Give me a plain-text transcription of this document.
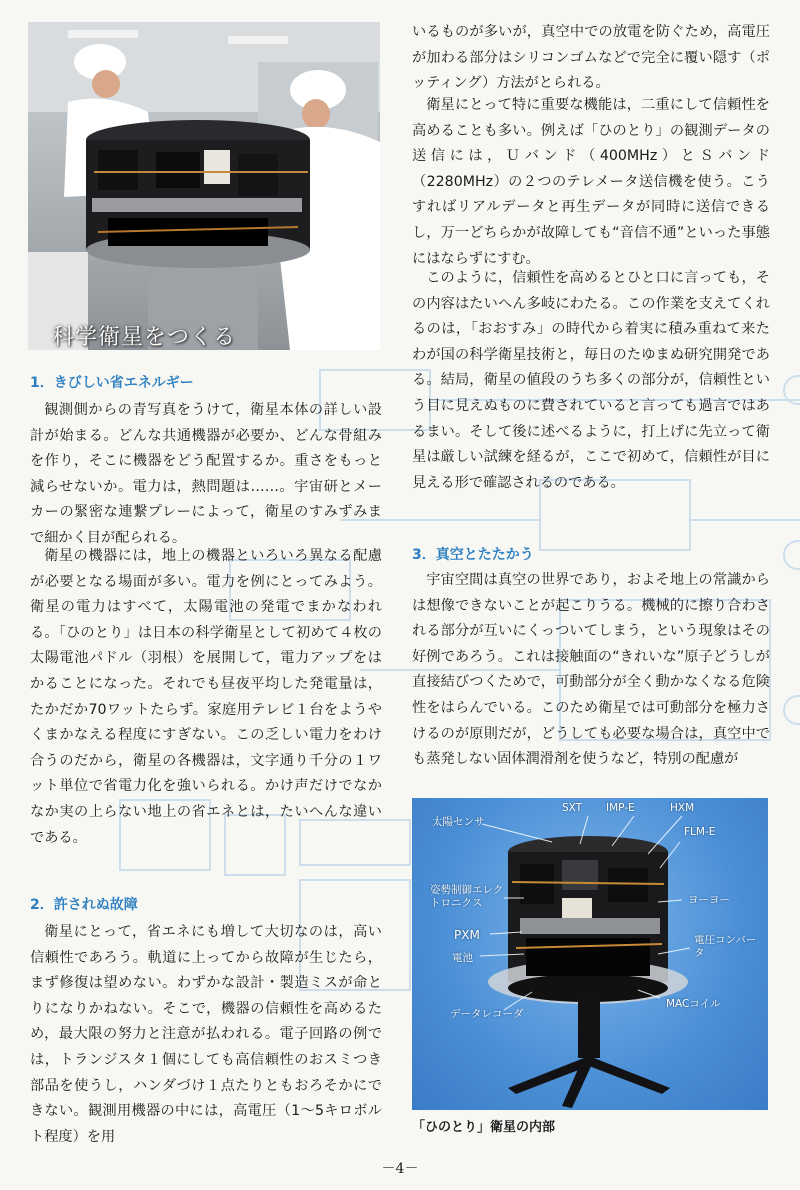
科学衛星をつくる
1．きびしい省エネルギー
観測側からの青写真をうけて，衛星本体の詳しい設計が始まる。どんな共通機器が必要か、どんな骨組みを作り，そこに機器をどう配置するか。重さをもっと減らせないか。電力は，熱問題は……。宇宙研とメーカーの緊密な連繋プレーによって，衛星のすみずみまで細かく目が配られる。
衛星の機器には，地上の機器といろいろ異なる配慮が必要となる場面が多い。電力を例にとってみよう。衛星の電力はすべて，太陽電池の発電でまかなわれる。「ひのとり」は日本の科学衛星として初めて４枚の太陽電池パドル（羽根）を展開して，電力アップをはかることになった。それでも昼夜平均した発電量は，たかだか70ワットたらず。家庭用テレビ１台をようやくまかなえる程度にすぎない。この乏しい電力をわけ合うのだから，衛星の各機器は，文字通り千分の１ワット単位で省電力化を強いられる。かけ声だけでなかなか実の上らない地上の省エネとは，たいへんな違いである。
2．許されぬ故障
衛星にとって，省エネにも増して大切なのは，高い信頼性であろう。軌道に上ってから故障が生じたら，まず修復は望めない。わずかな設計・製造ミスが命とりになりかねない。そこで，機器の信頼性を高めるため，最大限の努力と注意が払われる。電子回路の例では，トランジスタ１個にしても高信頼性のおスミつき部品を使うし，ハンダづけ１点たりともおろそかにできない。観測用機器の中には，高電圧（1～5キロボルト程度）を用
いるものが多いが，真空中での放電を防ぐため，高電圧が加わる部分はシリコンゴムなどで完全に覆い隠す（ポッティング）方法がとられる。
衛星にとって特に重要な機能は，二重にして信頼性を高めることも多い。例えば「ひのとり」の観測データの送信には，Ｕバンド（400MHz）とＳバンド（2280MHz）の２つのテレメータ送信機を使う。こうすればリアルデータと再生データが同時に送信できるし，万一どちらかが故障しても“音信不通”といった事態にはならずにすむ。
このように，信頼性を高めるとひと口に言っても，その内容はたいへん多岐にわたる。この作業を支えてくれるのは，「おおすみ」の時代から着実に積み重ねて来たわが国の科学衛星技術と，毎日のたゆまぬ研究開発である。結局，衛星の値段のうち多くの部分が，信頼性という目に見えぬものに費されていると言っても過言ではあるまい。そして後に述べるように，打上げに先立って衛星は厳しい試練を経るが，ここで初めて，信頼性が目に見える形で確認されるのである。
3．真空とたたかう
宇宙空間は真空の世界であり，およそ地上の常識からは想像できないことが起こりうる。機械的に擦り合わされる部分が互いにくっついてしまう，という現象はその好例であろう。これは接触面の“きれいな”原子どうしが直接結びつくためで，可動部分が全く動かなくなる危険性をはらんでいる。このため衛星では可動部分を極力さけるのが原則だが，どうしても必要な場合は，真空中でも蒸発しない固体潤滑剤を使うなど，特別の配慮が
太陽センサ
SXT IMP-E	HXM
FLM-E
姿勢制御エレクトロニクス	ヨーヨー
PXM
電池
電圧コンバータ
データレコーダ
MACコイル
「ひのとり」衛星の内部
－4－
